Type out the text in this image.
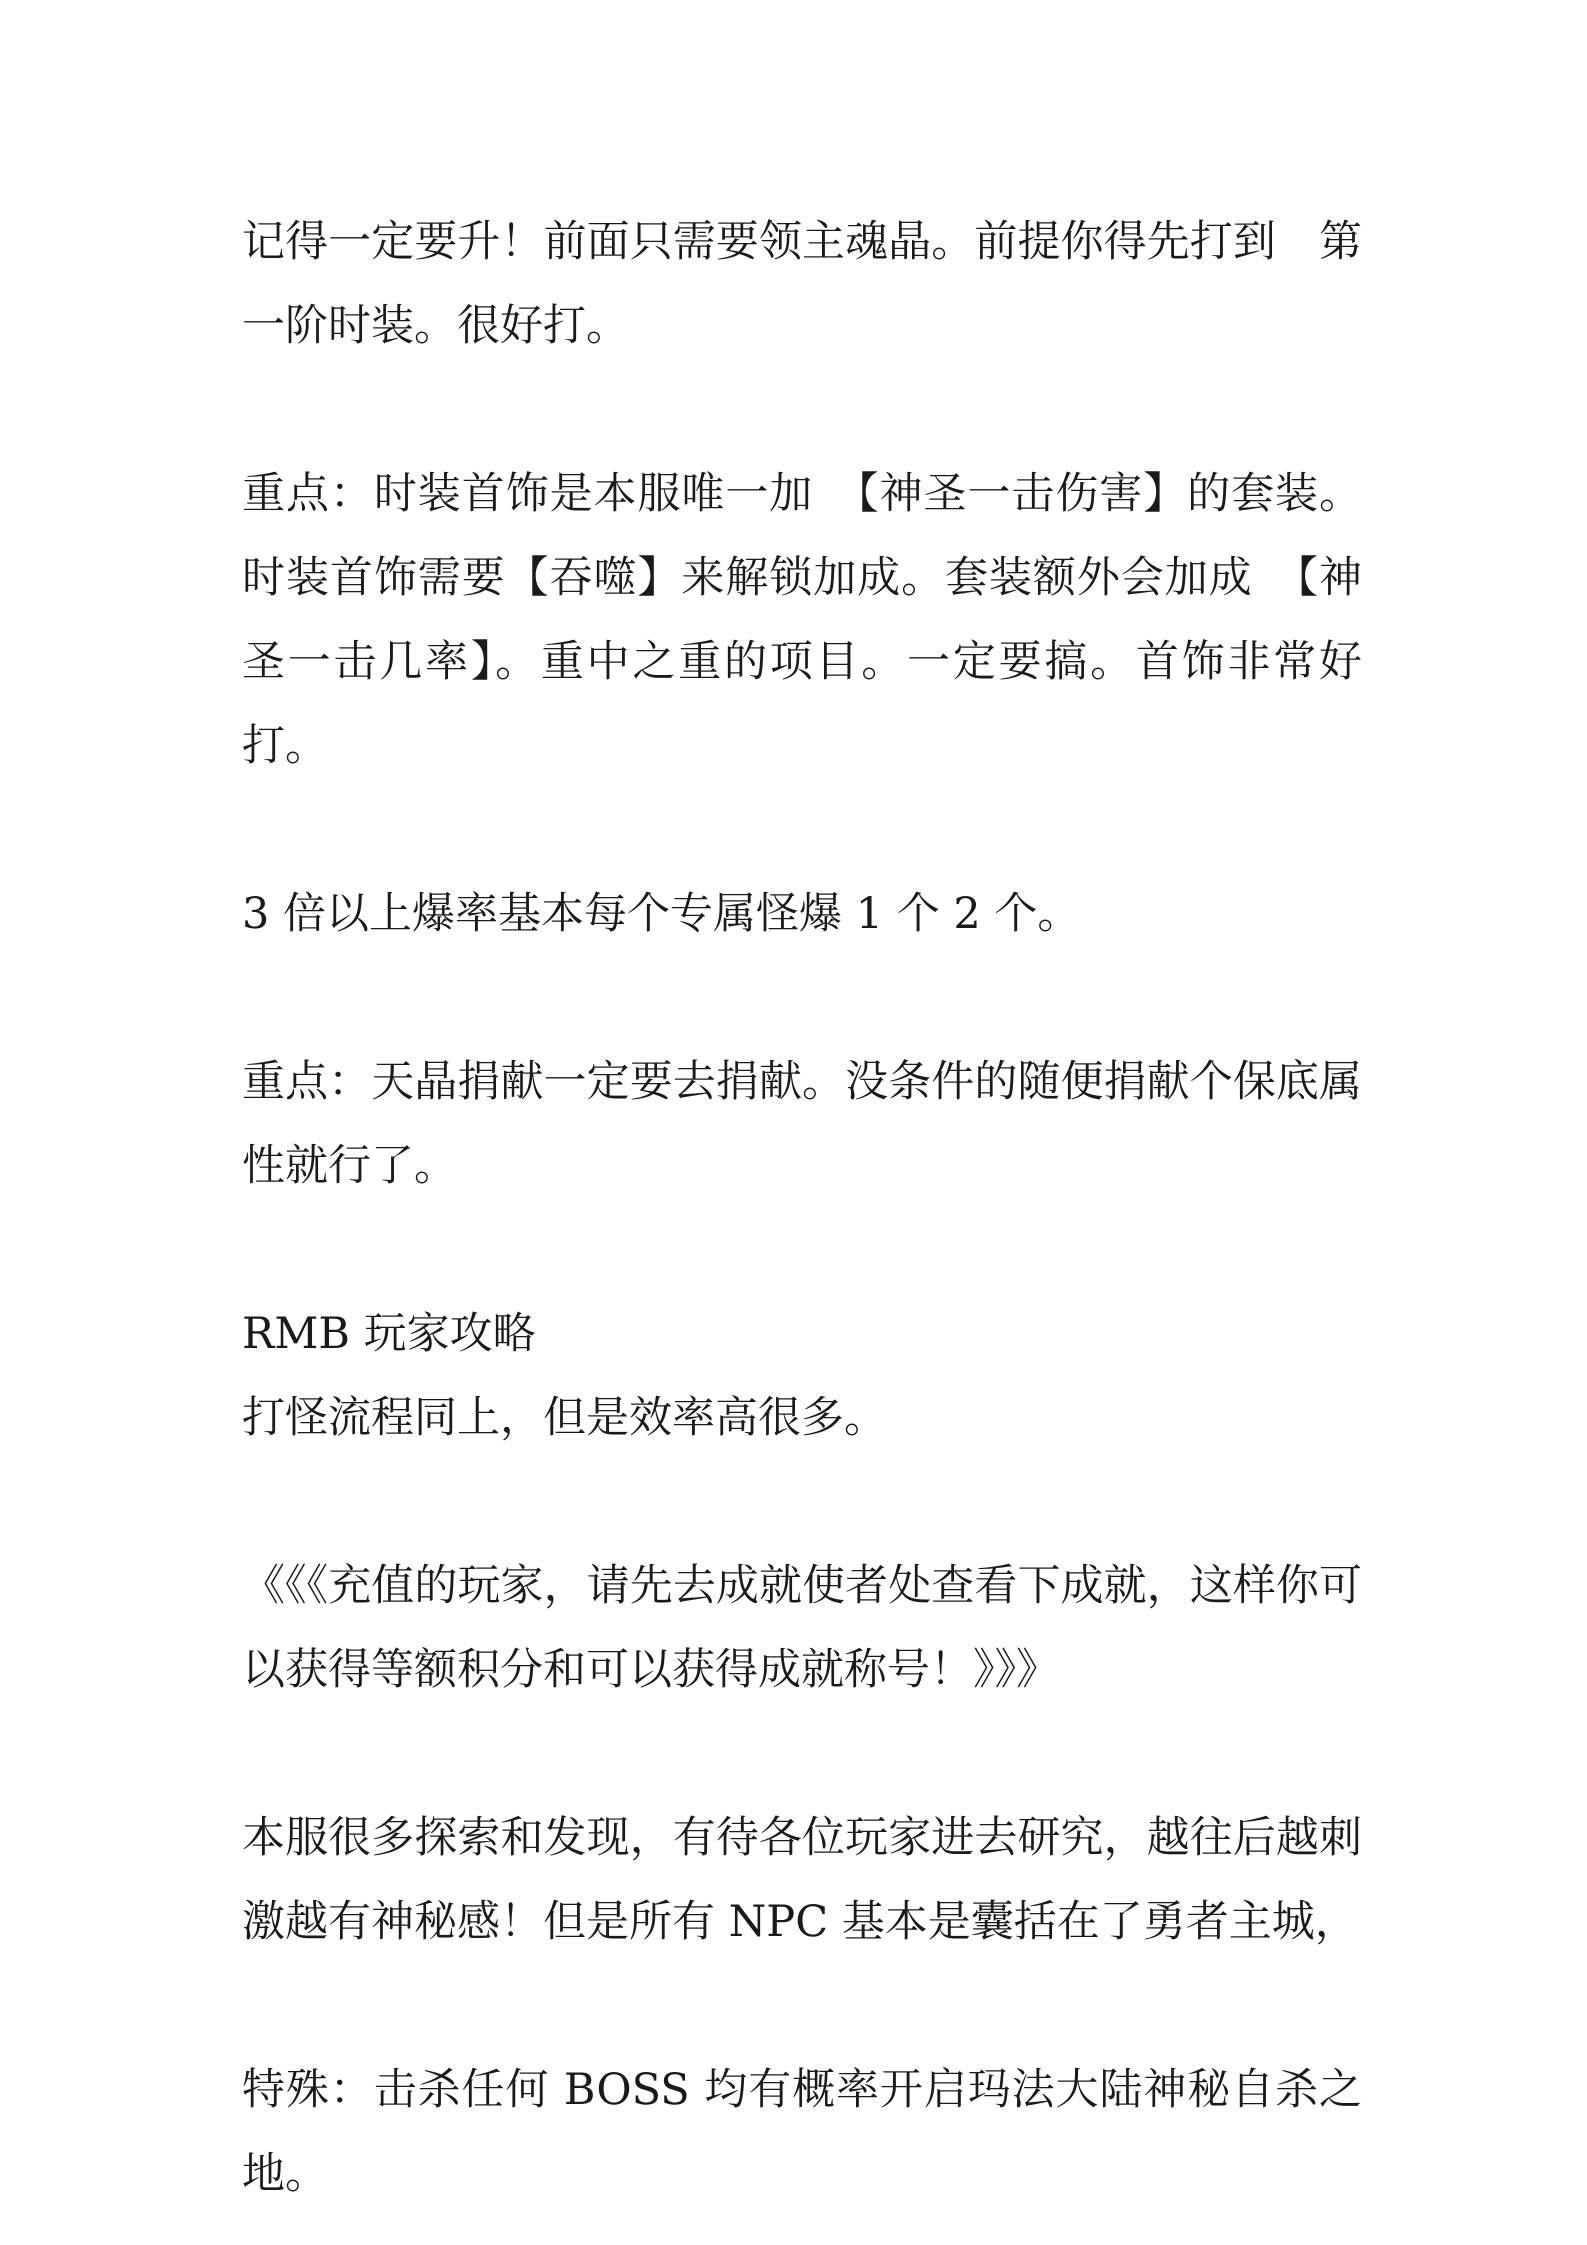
记得一定要升！前面只需要领主魂晶。前提你得先打到　第一阶时装。很好打。

重点：时装首饰是本服唯一加　【神圣一击伤害】的套装。时装首饰需要【吞噬】来解锁加成。套装额外会加成　【神圣一击几率】。重中之重的项目。一定要搞。首饰非常好打。

3 倍以上爆率基本每个专属怪爆 1 个 2 个。

重点：天晶捐献一定要去捐献。没条件的随便捐献个保底属性就行了。

RMB 玩家攻略

打怪流程同上，但是效率高很多。

《《《充值的玩家，请先去成就使者处查看下成就，这样你可以获得等额积分和可以获得成就称号！》》》

本服很多探索和发现，有待各位玩家进去研究，越往后越刺激越有神秘感！但是所有 NPC 基本是囊括在了勇者主城，

特殊：击杀任何 BOSS 均有概率开启玛法大陆神秘自杀之地。
